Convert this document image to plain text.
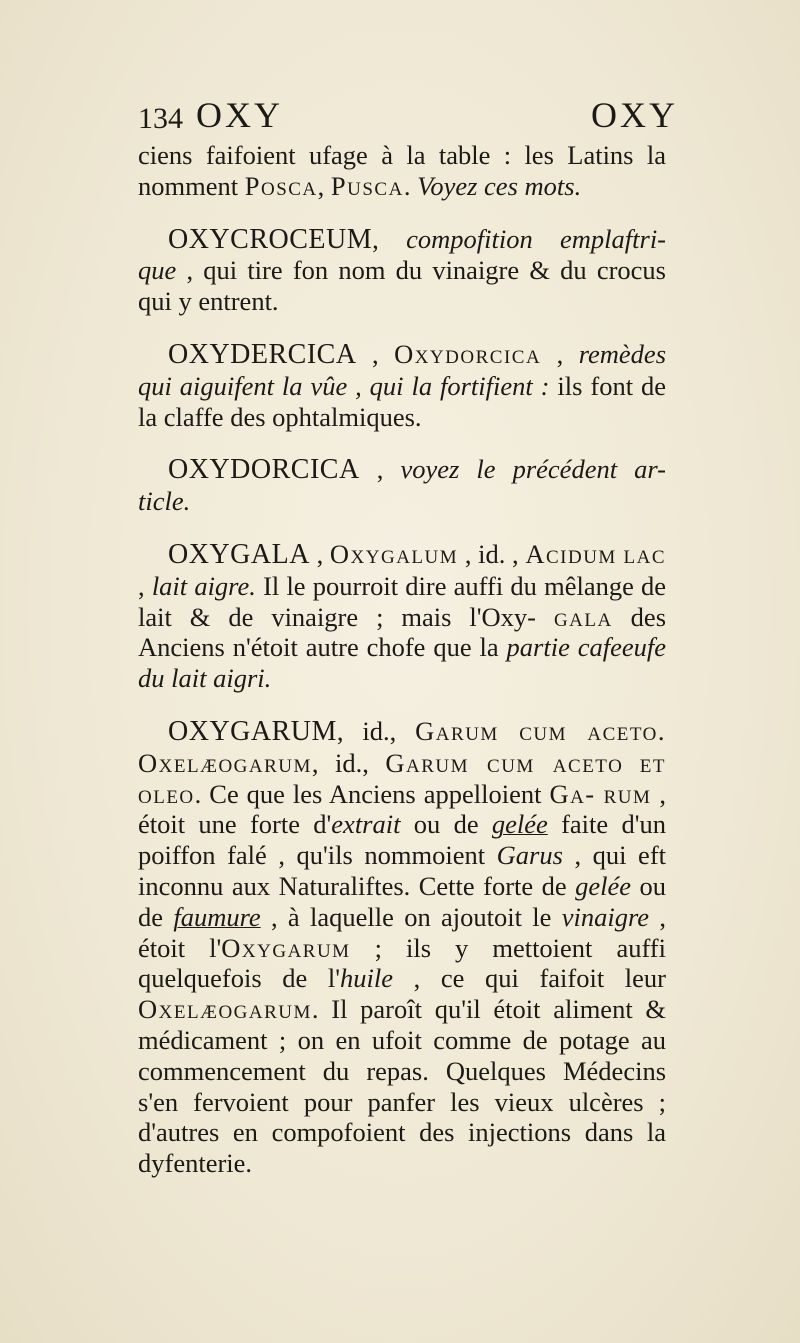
134 OXY	OXY

ciens faifoient ufage à la table : les Latins la nomment Posca, Pusca. Voyez ces mots.

OXYCROCEUM, compofition emplaftri- que , qui tire fon nom du vinaigre & du crocus qui y entrent.

OXYDERCICA , Oxydorcica , remèdes qui aiguifent la vûe , qui la fortifient : ils font de la claffe des ophtalmiques.

OXYDORCICA , voyez le précédent ar- ticle.

OXYGALA , Oxygalum , id. , Acidum lac , lait aigre. Il le pourroit dire auffi du mêlange de lait & de vinaigre ; mais l'Oxy- gala des Anciens n'étoit autre chofe que la partie cafeeufe du lait aigri.

OXYGARUM, id., Garum cum aceto. Oxelæogarum, id., Garum cum aceto et oleo. Ce que les Anciens appelloient Ga- rum , étoit une forte d'extrait ou de gelée faite d'un poiffon falé , qu'ils nommoient Garus , qui eft inconnu aux Naturaliftes. Cette forte de gelée ou de faumure , à laquelle on ajoutoit le vinaigre , étoit l'Oxygarum ; ils y mettoient auffi quelquefois de l'huile , ce qui faifoit leur Oxelæogarum. Il paroît qu'il étoit aliment & médicament ; on en ufoit comme de potage au commencement du repas. Quelques Médecins s'en fervoient pour panfer les vieux ulcères ; d'autres en compofoient des injections dans la dyfenterie.
